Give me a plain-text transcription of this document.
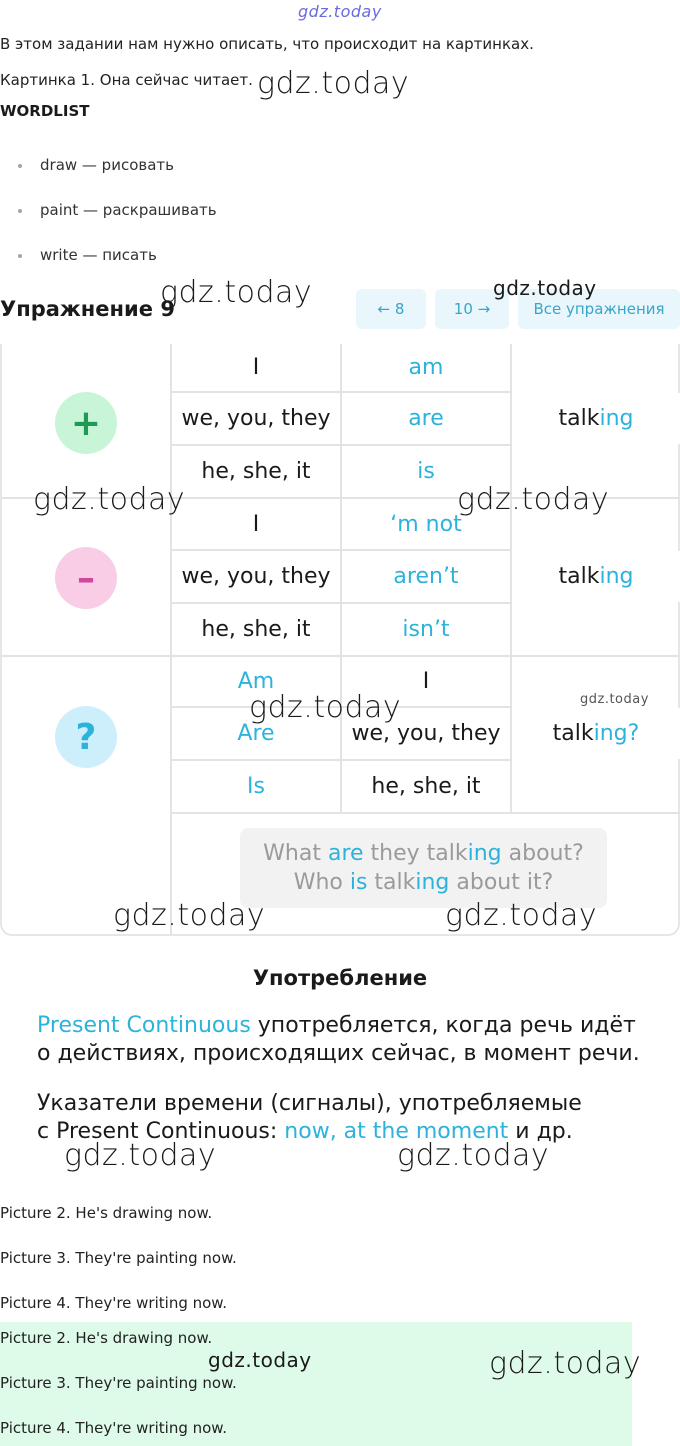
gdz.today
В этом задании нам нужно описать, что происходит на картинках.
Картинка 1. Она сейчас читает. gdz.today
WORDLIST
draw — рисовать
paint — раскрашивать
write — писать
Упражнение 9
gdz.today	← 8	10 →	Все упражнения
gdz.today
+
I	am
we, you, they	are
he, she, it	is
talk ing
–
I	‘m not
we, you, they	aren’t
he, she, it	isn’t
talk ing
?
Am	I
Are	we, you, they
Is	he, she, it
talk ing?
What are they talking about?
Who is talking about it?
gdz.today	gdz.today
gdz.today	gdz.today
gdz.today	gdz.today
Употребление
Present Continuous употребляется, когда речь идёт
о действиях, происходящих сейчас, в момент речи.
Указатели времени (сигналы), употребляемые
с Present Continuous: now, at the moment и др.
gdz.today	gdz.today
Picture 2. He's drawing now.
Picture 3. They're painting now.
Picture 4. They're writing now.
Picture 2. He's drawing now.
Picture 3. They're painting now.
Picture 4. They're writing now.
gdz.today	gdz.today
